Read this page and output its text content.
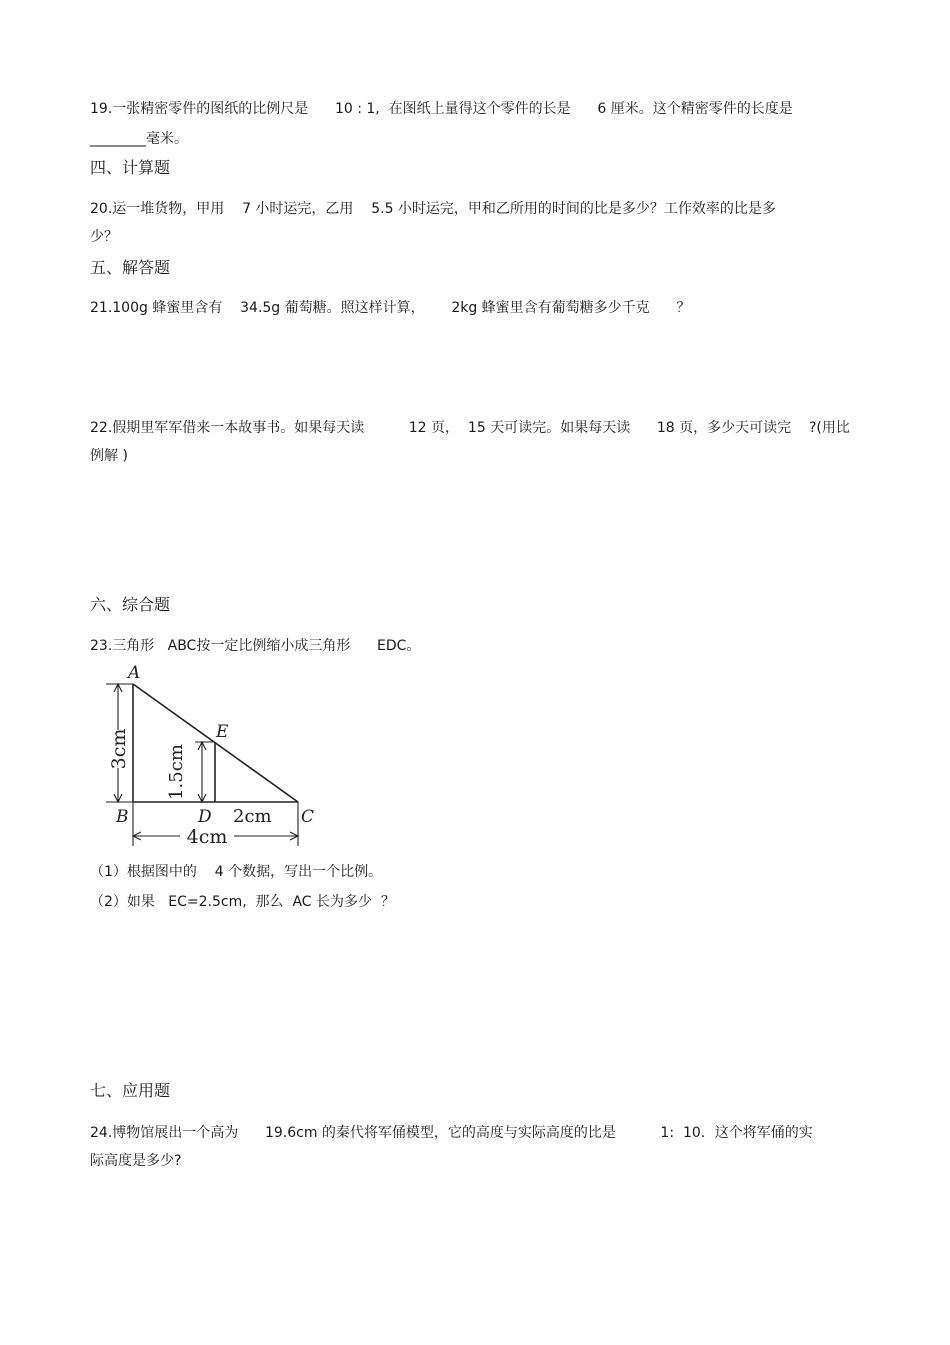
19.一张精密零件的图纸的比例尺是      10 : 1,  在图纸上量得这个零件的长是      6 厘米。这个精密零件的长度是
________毫米。
四、计算题
20.运一堆货物，甲用    7 小时运完，乙用    5.5 小时运完，甲和乙所用的时间的比是多少？工作效率的比是多
少？
五、解答题
21.100g 蜂蜜里含有    34.5g 葡萄糖。照这样计算，      2kg 蜂蜜里含有葡萄糖多少千克      ？
22.假期里军军借来一本故事书。如果每天读          12 页，  15 天可读完。如果每天读      18 页，多少天可读完    ?(用比
例解 )
六、综合题
23.三角形   ABC按一定比例缩小成三角形      EDC。
A
B	C
D
E
3cm 1.5cm
2cm
4cm
（1）根据图中的    4 个数据，写出一个比例。
（2）如果   EC=2.5cm,  那么  AC 长为多少  ？
七、应用题
24.博物馆展出一个高为      19.6cm 的秦代将军俑模型，它的高度与实际高度的比是          1:  10．这个将军俑的实
际高度是多少?
